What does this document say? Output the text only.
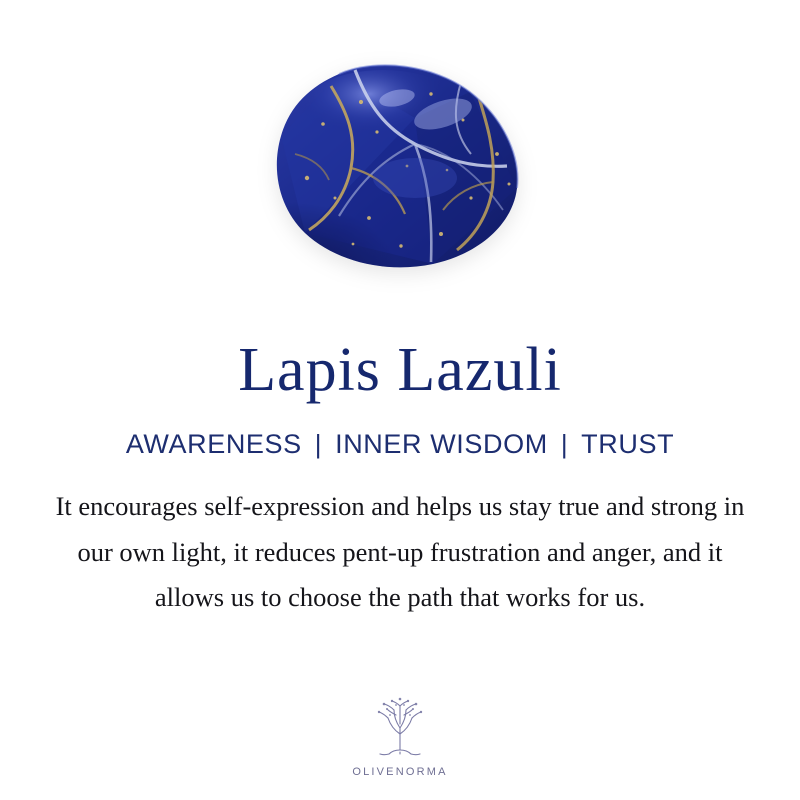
Lapis Lazuli
AWARENESS | INNER WISDOM | TRUST
It encourages self-expression and helps us stay true and strong in our own light, it reduces pent-up frustration and anger, and it allows us to choose the path that works for us.
OLIVENORMA
